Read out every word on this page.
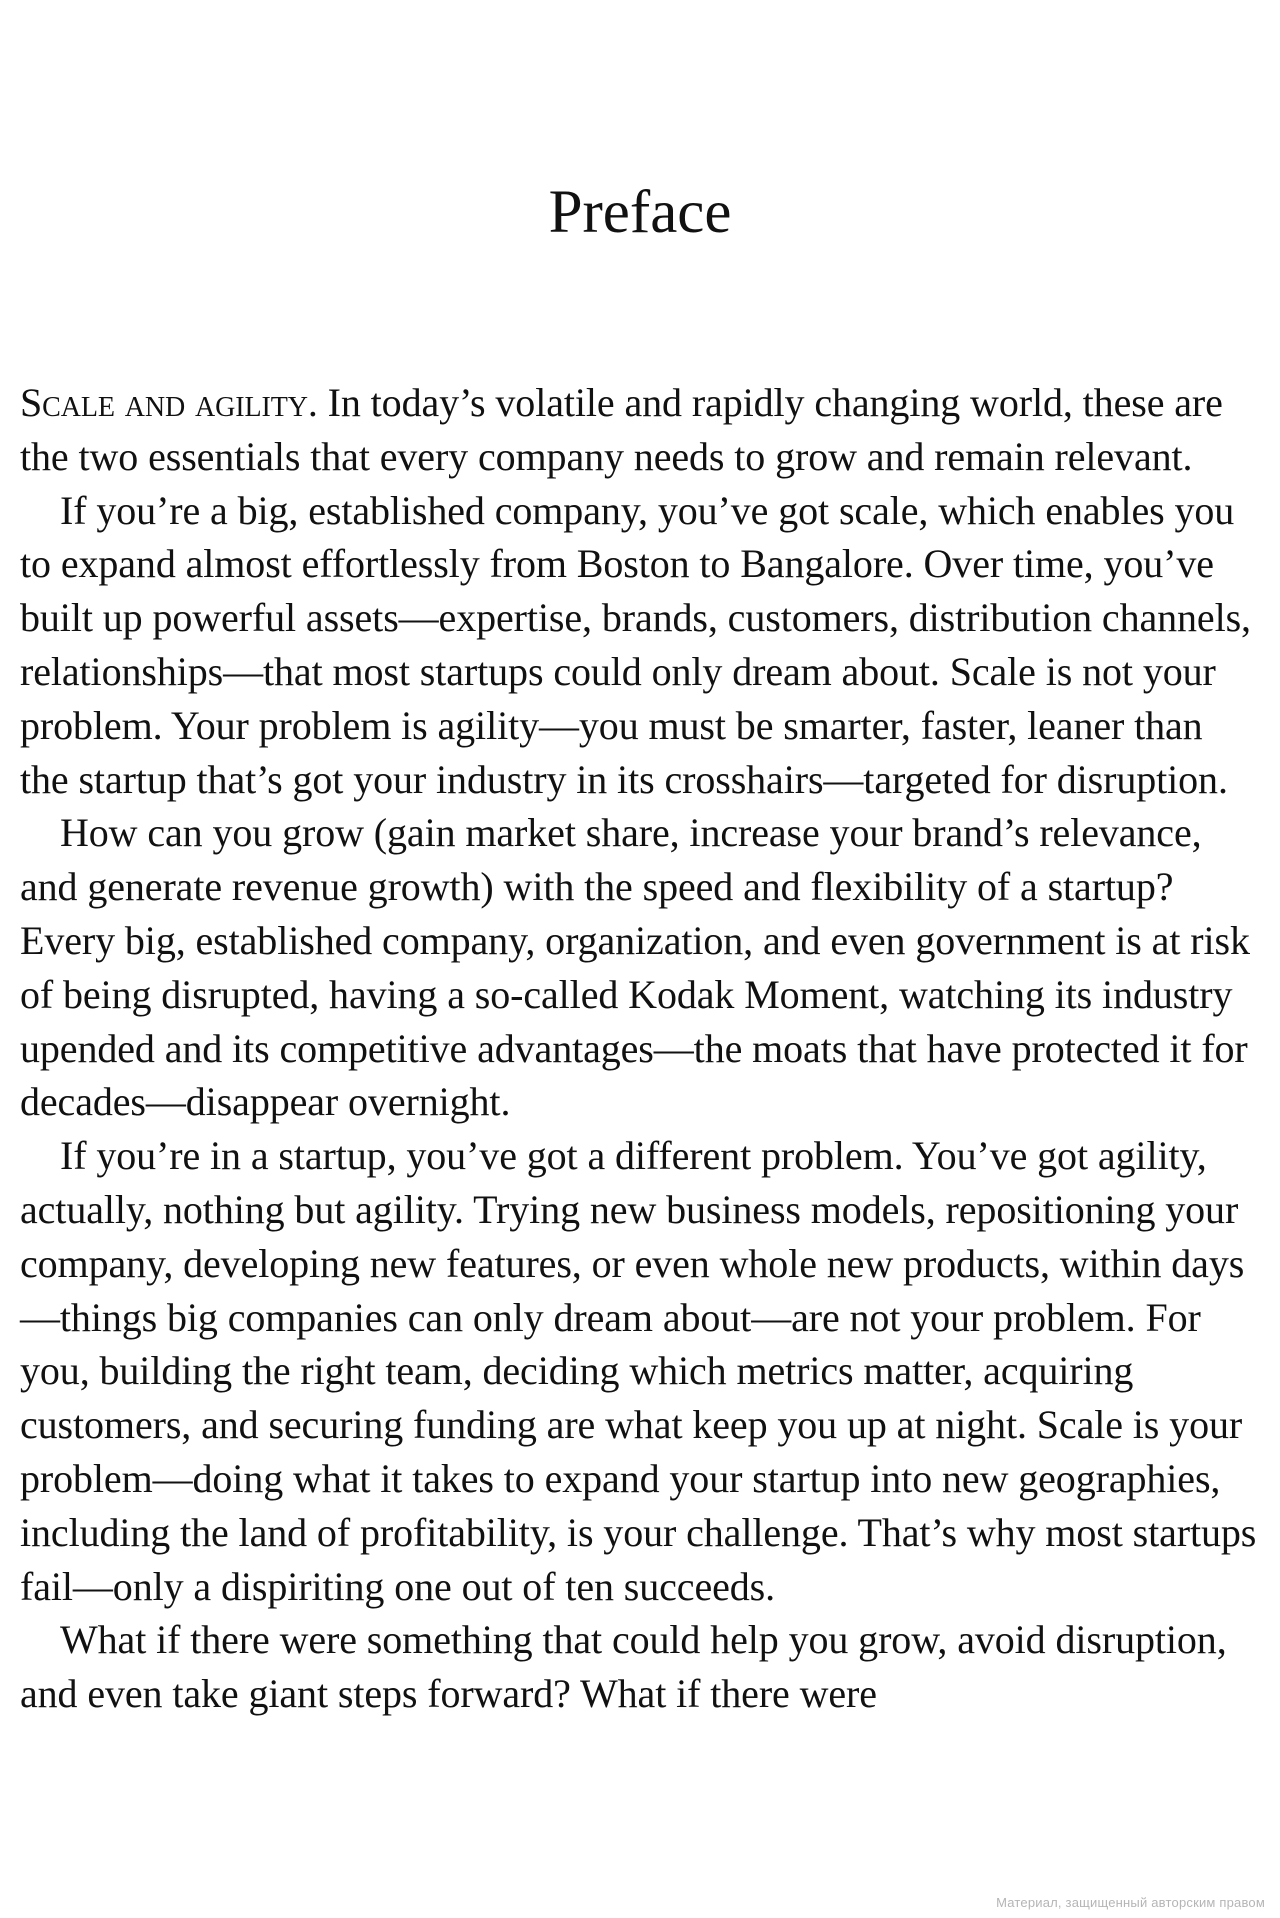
Preface

Scale and agility. In today’s volatile and rapidly changing world, these are the two essentials that every company needs to grow and remain relevant.

If you’re a big, established company, you’ve got scale, which enables you to expand almost effortlessly from Boston to Bangalore. Over time, you’ve built up powerful assets—expertise, brands, customers, distribution channels, relationships—that most startups could only dream about. Scale is not your problem. Your problem is agility—you must be smarter, faster, leaner than the startup that’s got your industry in its crosshairs—targeted for disruption.

How can you grow (gain market share, increase your brand’s relevance, and generate revenue growth) with the speed and flexibility of a startup? Every big, established company, organization, and even government is at risk of being disrupted, having a so-called Kodak Moment, watching its industry upended and its competitive advantages—the moats that have protected it for decades—disappear overnight.

If you’re in a startup, you’ve got a different problem. You’ve got agility, actually, nothing but agility. Trying new business models, repositioning your company, developing new features, or even whole new products, within days—things big companies can only dream about—are not your problem. For you, building the right team, deciding which metrics matter, acquiring customers, and securing funding are what keep you up at night. Scale is your problem—doing what it takes to expand your startup into new geographies, including the land of profitability, is your challenge. That’s why most startups fail—only a dispiriting one out of ten succeeds.

What if there were something that could help you grow, avoid disruption, and even take giant steps forward? What if there were

Материал, защищенный авторским правом
